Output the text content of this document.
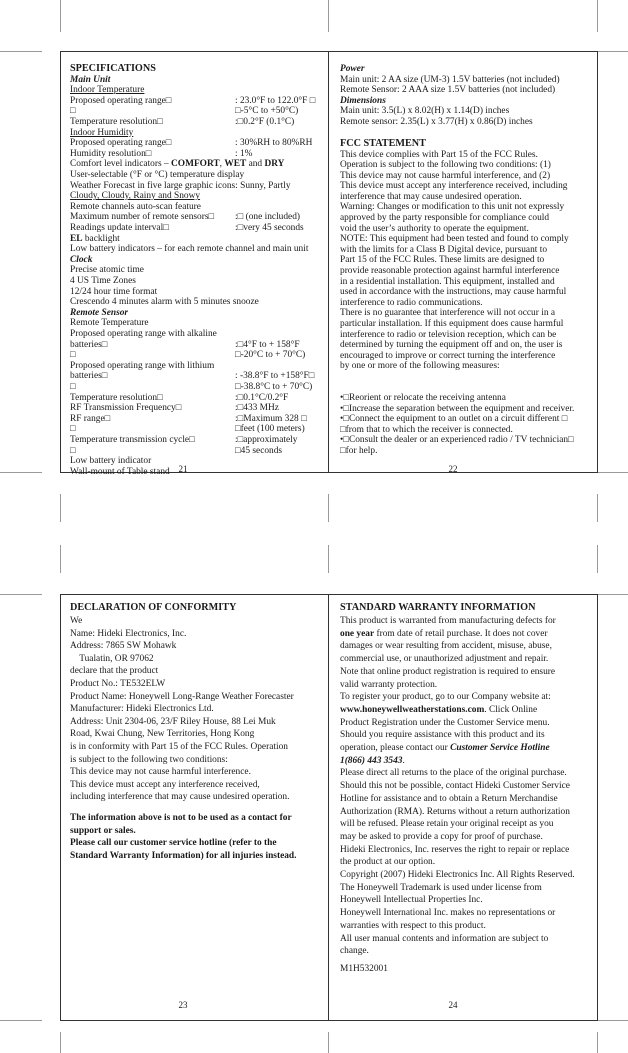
SPECIFICATIONS
Main Unit
Indoor Temperature
Proposed operating range□	: 23.0°F to 122.0°F □
□	□-5°C to +50°C)
Temperature resolution□	:□0.2°F (0.1°C)
Indoor Humidity
Proposed operating range□	: 30%RH to 80%RH
Humidity resolution□	: 1%
Comfort level indicators – COMFORT, WET and DRY
User-selectable (°F or °C) temperature display
Weather Forecast in five large graphic icons: Sunny, Partly
Cloudy, Cloudy, Rainy and Snowy
Remote channels auto-scan feature
Maximum number of remote sensors□ :□ (one included)
Readings update interval□	:□very 45 seconds
EL backlight
Low battery indicators – for each remote channel and main unit
Clock
Precise atomic time
4 US Time Zones
12/24 hour time format
Crescendo 4 minutes alarm with 5 minutes snooze
Remote Sensor
Remote Temperature
Proposed operating range with alkaline
batteries□	:□4°F to + 158°F
□	□-20°C to + 70°C)
Proposed operating range with lithium
batteries□	: -38.8°F to +158°F□
□	□-38.8°C to + 70°C)
Temperature resolution□	:□0.1°C/0.2°F
RF Transmission Frequency□	:□433 MHz
RF range□	:□Maximum 328 □
□	□feet (100 meters)
Temperature transmission cycle□	:□approximately
□	□45 seconds
Low battery indicator
Wall-mount of Table stand 21
Power
Main unit: 2 AA size (UM-3) 1.5V batteries (not included)
Remote Sensor: 2 AAA size 1.5V batteries (not included)
Dimensions
Main unit: 3.5(L) x 8.02(H) x 1.14(D) inches
Remote sensor: 2.35(L) x 3.77(H) x 0.86(D) inches
FCC STATEMENT
This device complies with Part 15 of the FCC Rules.
Operation is subject to the following two conditions: (1)
This device may not cause harmful interference, and (2)
This device must accept any interference received, including
interference that may cause undesired operation.
Warning: Changes or modification to this unit not expressly
approved by the party responsible for compliance could
void the user’s authority to operate the equipment.
NOTE: This equipment had been tested and found to comply
with the limits for a Class B Digital device, pursuant to
Part 15 of the FCC Rules. These limits are designed to
provide reasonable protection against harmful interference
in a residential installation. This equipment, installed and
used in accordance with the instructions, may cause harmful
interference to radio communications.
There is no guarantee that interference will not occur in a
particular installation. If this equipment does cause harmful
interference to radio or television reception, which can be
determined by turning the equipment off and on, the user is
encouraged to improve or correct turning the interference
by one or more of the following measures:
•□Reorient or relocate the receiving antenna
•□Increase the separation between the equipment and receiver.
•□Connect the equipment to an outlet on a circuit different □
□from that to which the receiver is connected.
•□Consult the dealer or an experienced radio / TV technician□
□for help.
22
DECLARATION OF CONFORMITY
We
Name: Hideki Electronics, Inc.
Address: 7865 SW Mohawk
Tualatin, OR 97062
declare that the product
Product No.: TE532ELW
Product Name: Honeywell Long-Range Weather Forecaster
Manufacturer: Hideki Electronics Ltd.
Address: Unit 2304-06, 23/F Riley House, 88 Lei Muk
Road, Kwai Chung, New Territories, Hong Kong
is in conformity with Part 15 of the FCC Rules. Operation
is subject to the following two conditions:
This device may not cause harmful interference.
This device must accept any interference received,
including interference that may cause undesired operation.
The information above is not to be used as a contact for
support or sales.
Please call our customer service hotline (refer to the
Standard Warranty Information) for all injuries instead.
23
STANDARD WARRANTY INFORMATION
This product is warranted from manufacturing defects for
one year from date of retail purchase. It does not cover
damages or wear resulting from accident, misuse, abuse,
commercial use, or unauthorized adjustment and repair.
Note that online product registration is required to ensure
valid warranty protection.
To register your product, go to our Company website at:
www.honeywellweatherstations.com. Click Online
Product Registration under the Customer Service menu.
Should you require assistance with this product and its
operation, please contact our Customer Service Hotline
1(866) 443 3543.
Please direct all returns to the place of the original purchase.
Should this not be possible, contact Hideki Customer Service
Hotline for assistance and to obtain a Return Merchandise
Authorization (RMA). Returns without a return authorization
will be refused. Please retain your original receipt as you
may be asked to provide a copy for proof of purchase.
Hideki Electronics, Inc. reserves the right to repair or replace
the product at our option.
Copyright (2007) Hideki Electronics Inc. All Rights Reserved.
The Honeywell Trademark is used under license from
Honeywell Intellectual Properties Inc.
Honeywell International Inc. makes no representations or
warranties with respect to this product.
All user manual contents and information are subject to
change.
M1H532001
24
